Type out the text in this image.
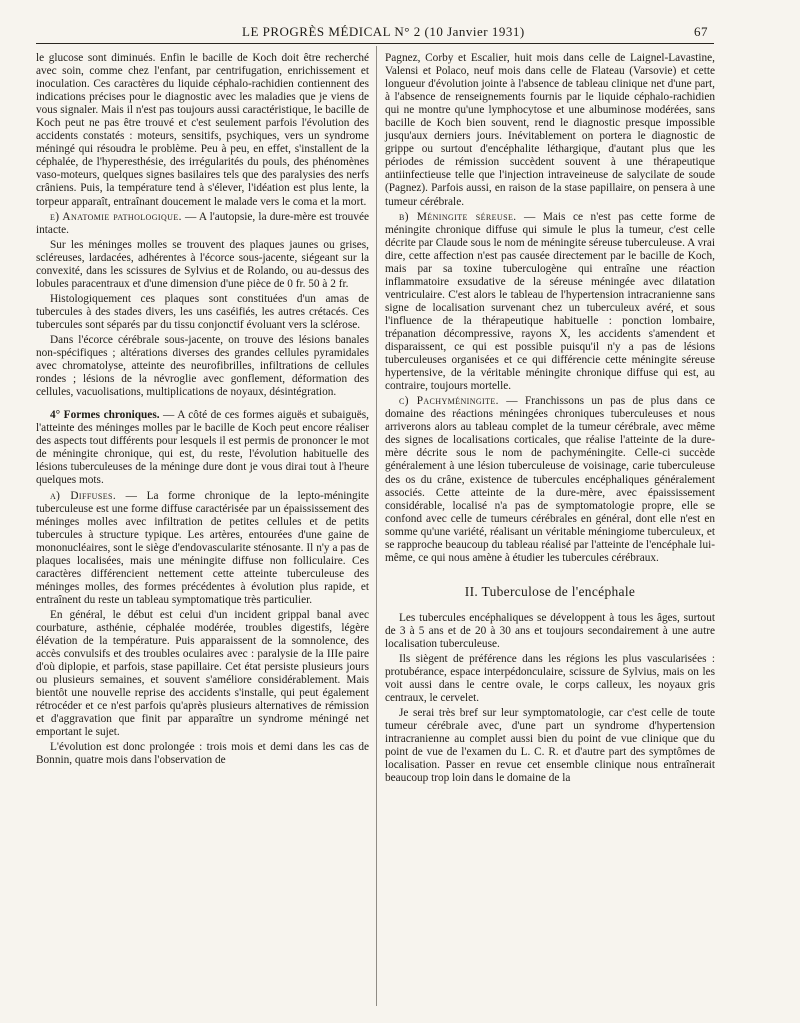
LE PROGRÈS MÉDICAL N° 2 (10 Janvier 1931)	67

le glucose sont diminués. Enfin le bacille de Koch doit être recherché avec soin, comme chez l'enfant, par centrifugation, enrichissement et inoculation. Ces caractères du liquide céphalo-rachidien contiennent des indications précises pour le diagnostic avec les maladies que je viens de vous signaler. Mais il n'est pas toujours aussi caractéristique, le bacille de Koch peut ne pas être trouvé et c'est seulement parfois l'évolution des accidents constatés : moteurs, sensitifs, psychiques, vers un syndrome méningé qui résoudra le problème. Peu à peu, en effet, s'installent de la céphalée, de l'hyperesthésie, des irrégularités du pouls, des phénomènes vaso-moteurs, quelques signes basilaires tels que des paralysies des nerfs crâniens. Puis, la température tend à s'élever, l'idéation est plus lente, la torpeur apparaît, entraînant doucement le malade vers le coma et la mort.

e) Anatomie pathologique. — A l'autopsie, la dure-mère est trouvée intacte.

Sur les méninges molles se trouvent des plaques jaunes ou grises, scléreuses, lardacées, adhérentes à l'écorce sous-jacente, siégeant sur la convexité, dans les scissures de Sylvius et de Rolando, ou au-dessus des lobules paracentraux et d'une dimension d'une pièce de 0 fr. 50 à 2 fr.

Histologiquement ces plaques sont constituées d'un amas de tubercules à des stades divers, les uns caséifiés, les autres crétacés. Ces tubercules sont séparés par du tissu conjonctif évoluant vers la sclérose.

Dans l'écorce cérébrale sous-jacente, on trouve des lésions banales non-spécifiques ; altérations diverses des grandes cellules pyramidales avec chromatolyse, atteinte des neurofibrilles, infiltrations de cellules rondes ; lésions de la névroglie avec gonflement, déformation des cellules, vacuolisations, multiplications de noyaux, désintégration.

4° Formes chroniques. — A côté de ces formes aiguës et subaiguës, l'atteinte des méninges molles par le bacille de Koch peut encore réaliser des aspects tout différents pour lesquels il est permis de prononcer le mot de méningite chronique, qui est, du reste, l'évolution habituelle des lésions tuberculeuses de la méninge dure dont je vous dirai tout à l'heure quelques mots.

a) Diffuses. — La forme chronique de la lepto-méningite tuberculeuse est une forme diffuse caractérisée par un épaississement des méninges molles avec infiltration de petites cellules et de petits tubercules à structure typique. Les artères, entourées d'une gaine de mononucléaires, sont le siège d'endovascularite sténosante. Il n'y a pas de plaques localisées, mais une méningite diffuse non folliculaire. Ces caractères différencient nettement cette atteinte tuberculeuse des méninges molles, des formes précédentes à évolution plus rapide, et entraînent du reste un tableau symptomatique très particulier.

En général, le début est celui d'un incident grippal banal avec courbature, asthénie, céphalée modérée, troubles digestifs, légère élévation de la température. Puis apparaissent de la somnolence, des accès convulsifs et des troubles oculaires avec : paralysie de la IIIe paire d'où diplopie, et parfois, stase papillaire. Cet état persiste plusieurs jours ou plusieurs semaines, et souvent s'améliore considérablement. Mais bientôt une nouvelle reprise des accidents s'installe, qui peut également rétrocéder et ce n'est parfois qu'après plusieurs alternatives de rémission et d'aggravation que finit par apparaître un syndrome méningé net emportant le sujet.

L'évolution est donc prolongée : trois mois et demi dans les cas de Bonnin, quatre mois dans l'observation de

Pagnez, Corby et Escalier, huit mois dans celle de Laignel-Lavastine, Valensi et Polaco, neuf mois dans celle de Flateau (Varsovie) et cette longueur d'évolution jointe à l'absence de tableau clinique net d'une part, à l'absence de renseignements fournis par le liquide céphalo-rachidien qui ne montre qu'une lymphocytose et une albuminose modérées, sans bacille de Koch bien souvent, rend le diagnostic presque impossible jusqu'aux derniers jours. Inévitablement on portera le diagnostic de grippe ou surtout d'encéphalite léthargique, d'autant plus que les périodes de rémission succèdent souvent à une thérapeutique antiinfectieuse telle que l'injection intraveineuse de salycilate de soude (Pagnez). Parfois aussi, en raison de la stase papillaire, on pensera à une tumeur cérébrale.

b) Méningite séreuse. — Mais ce n'est pas cette forme de méningite chronique diffuse qui simule le plus la tumeur, c'est celle décrite par Claude sous le nom de méningite séreuse tuberculeuse. A vrai dire, cette affection n'est pas causée directement par le bacille de Koch, mais par sa toxine tuberculogène qui entraîne une réaction inflammatoire exsudative de la séreuse méningée avec dilatation ventriculaire. C'est alors le tableau de l'hypertension intracranienne sans signe de localisation survenant chez un tuberculeux avéré, et sous l'influence de la thérapeutique habituelle : ponction lombaire, trépanation décompressive, rayons X, les accidents s'amendent et disparaissent, ce qui est possible puisqu'il n'y a pas de lésions tuberculeuses organisées et ce qui différencie cette méningite séreuse hypertensive, de la véritable méningite chronique diffuse qui est, au contraire, toujours mortelle.

c) Pachyméningite. — Franchissons un pas de plus dans ce domaine des réactions méningées chroniques tuberculeuses et nous arriverons alors au tableau complet de la tumeur cérébrale, avec même des signes de localisations corticales, que réalise l'atteinte de la dure-mère décrite sous le nom de pachyméningite. Celle-ci succède généralement à une lésion tuberculeuse de voisinage, carie tuberculeuse des os du crâne, existence de tubercules encéphaliques généralement associés. Cette atteinte de la dure-mère, avec épaississement considérable, localisé n'a pas de symptomatologie propre, elle se confond avec celle de tumeurs cérébrales en général, dont elle n'est en somme qu'une variété, réalisant un véritable méningiome tuberculeux, et se rapproche beaucoup du tableau réalisé par l'atteinte de l'encéphale lui-même, ce qui nous amène à étudier les tubercules cérébraux.

II. Tuberculose de l'encéphale

Les tubercules encéphaliques se développent à tous les âges, surtout de 3 à 5 ans et de 20 à 30 ans et toujours secondairement à une autre localisation tuberculeuse.

Ils siègent de préférence dans les régions les plus vascularisées : protubérance, espace interpédonculaire, scissure de Sylvius, mais on les voit aussi dans le centre ovale, le corps calleux, les noyaux gris centraux, le cervelet.

Je serai très bref sur leur symptomatologie, car c'est celle de toute tumeur cérébrale avec, d'une part un syndrome d'hypertension intracranienne au complet aussi bien du point de vue clinique que du point de vue de l'examen du L. C. R. et d'autre part des symptômes de localisation. Passer en revue cet ensemble clinique nous entraînerait beaucoup trop loin dans le domaine de la
